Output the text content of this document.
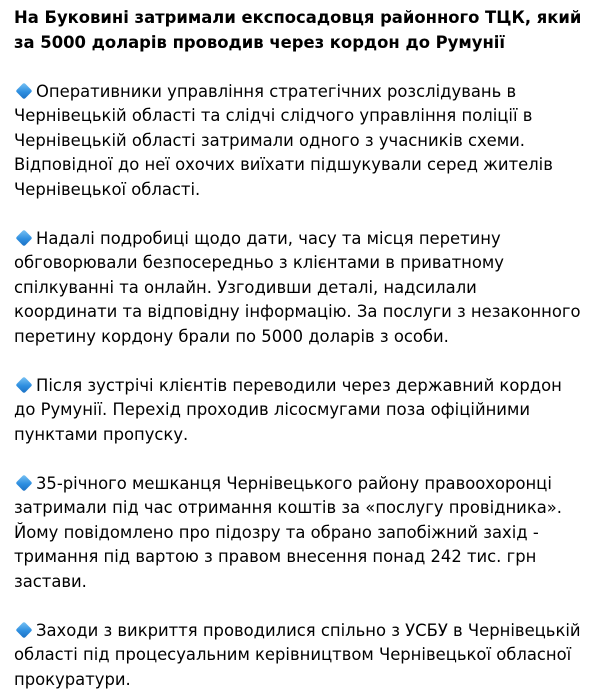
На Буковині затримали експосадовця районного ТЦК, який за 5000 доларів проводив через кордон до Румунії
Оперативники управління стратегічних розслідувань в Чернівецькій області та слідчі слідчого управління поліції в Чернівецькій області затримали одного з учасників схеми. Відповідної до неї охочих виїхати підшукували серед жителів Чернівецької області.
Надалі подробиці щодо дати, часу та місця перетину обговорювали безпосередньо з клієнтами в приватному спілкуванні та онлайн. Узгодивши деталі, надсилали координати та відповідну інформацію. За послуги з незаконного перетину кордону брали по 5000 доларів з особи.
Після зустрічі клієнтів переводили через державний кордон до Румунії. Перехід проходив лісосмугами поза офіційними пунктами пропуску.
35-річного мешканця Чернівецького району правоохоронці затримали під час отримання коштів за «послугу провідника». Йому повідомлено про підозру та обрано запобіжний захід - тримання під вартою з правом внесення понад 242 тис. грн застави.
Заходи з викриття проводилися спільно з УСБУ в Чернівецькій області під процесуальним керівництвом Чернівецької обласної прокуратури.
